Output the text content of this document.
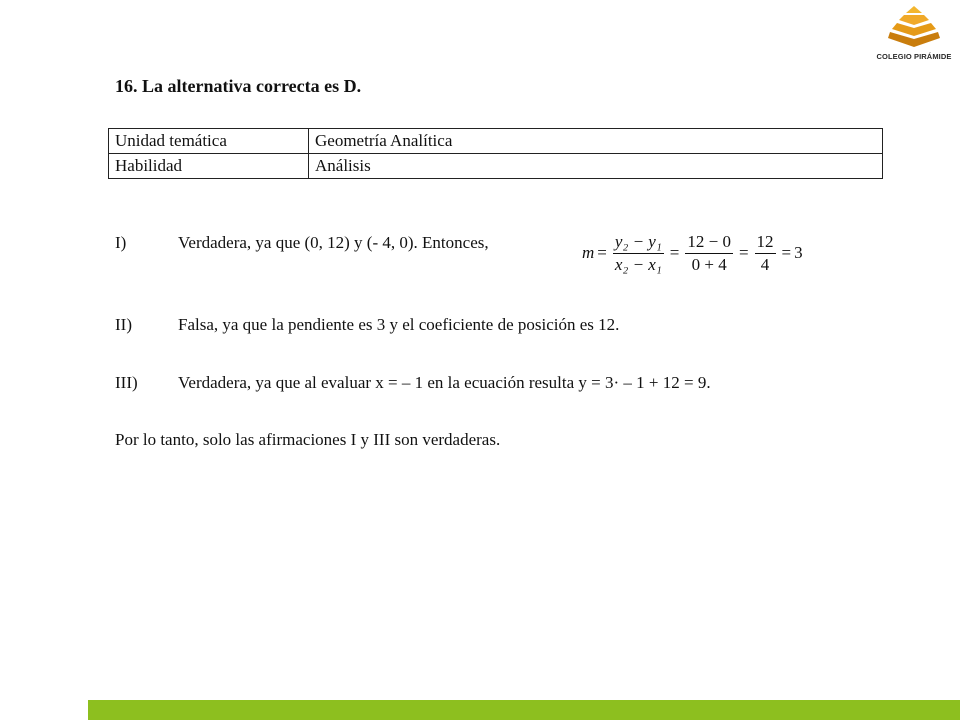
COLEGIO PIRÁMIDE
16. La alternativa correcta es D.
Unidad temática	Geometría Analítica
Habilidad	Análisis
I)	Verdadera, ya que (0, 12) y (- 4, 0). Entonces,
$m = \frac{\text{y₂ − y₁}}{\text{x₂ − x₁}} = \frac{12 - 0}{0 + 4} = \frac{12}{4} = 3$
II)	Falsa, ya que la pendiente es 3 y el coeficiente de posición es 12.
III) Verdadera, ya que al evaluar x = – 1 en la ecuación resulta y = 3· – 1 + 12 = 9.
Por lo tanto, solo las afirmaciones I y III son verdaderas.
